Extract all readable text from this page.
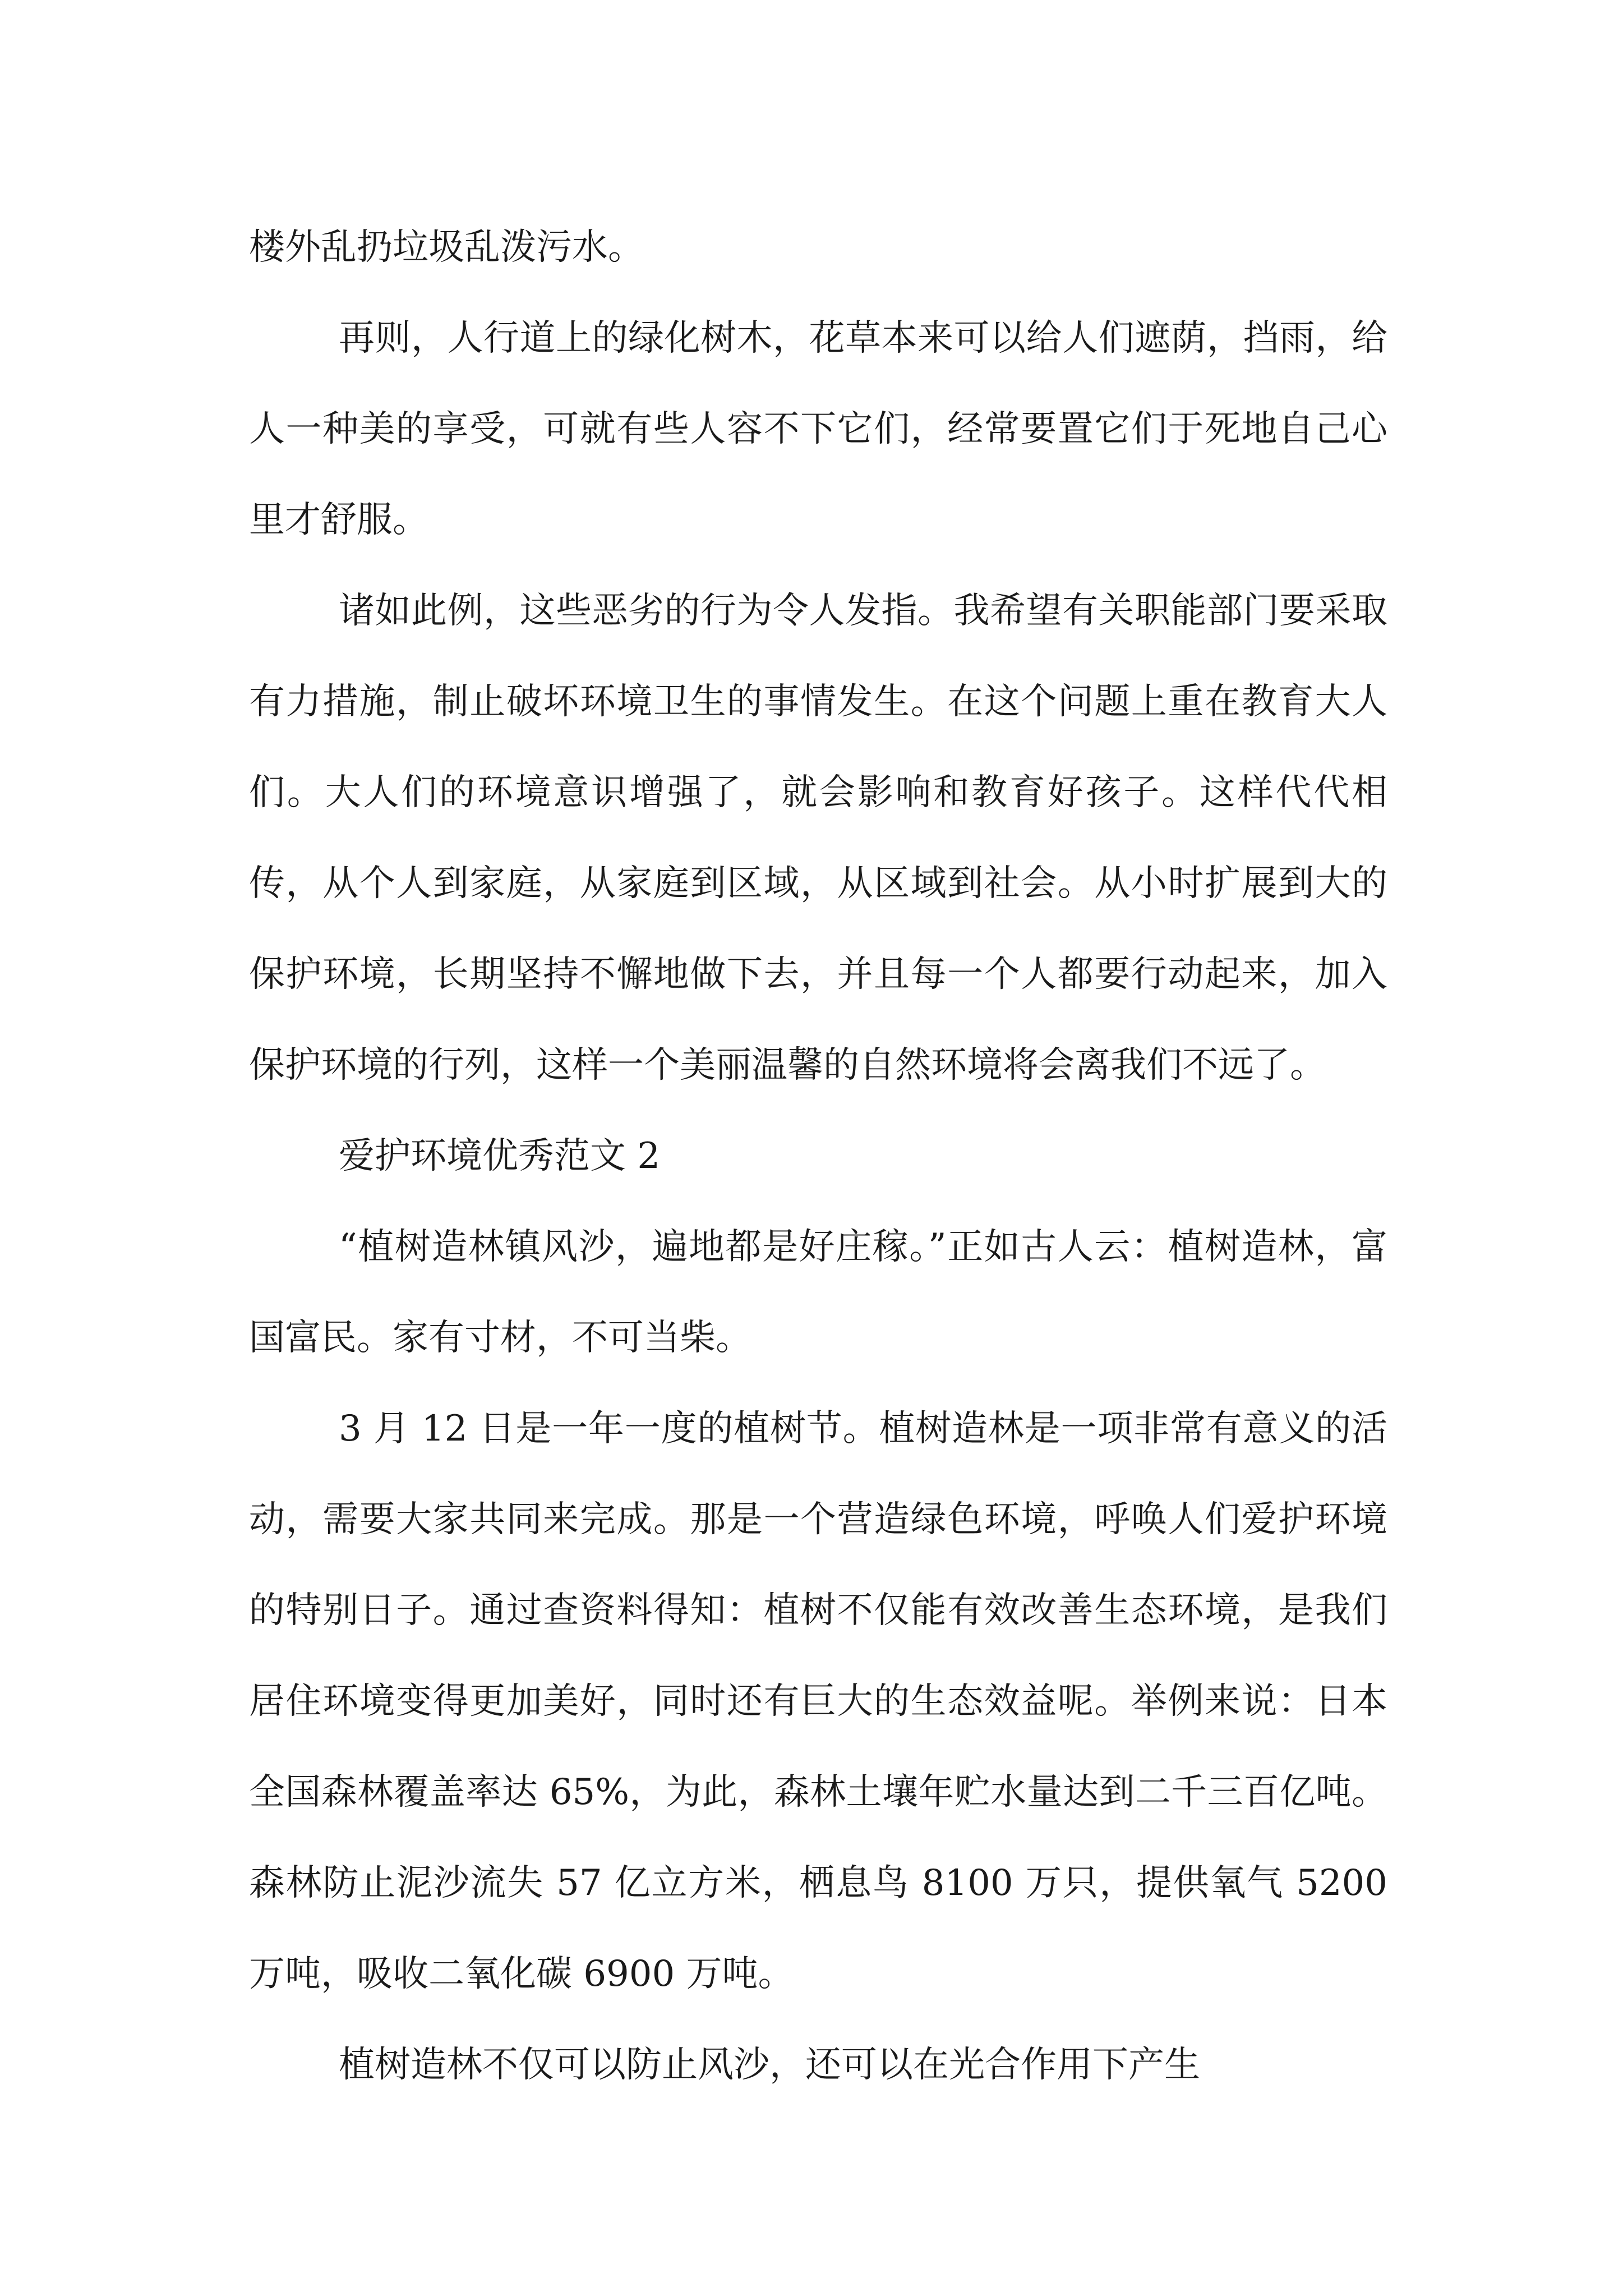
楼外乱扔垃圾乱泼污水。

再则，人行道上的绿化树木，花草本来可以给人们遮荫，挡雨，给人一种美的享受，可就有些人容不下它们，经常要置它们于死地自己心里才舒服。

诸如此例，这些恶劣的行为令人发指。我希望有关职能部门要采取有力措施，制止破坏环境卫生的事情发生。在这个问题上重在教育大人们。大人们的环境意识增强了，就会影响和教育好孩子。这样代代相传，从个人到家庭，从家庭到区域，从区域到社会。从小时扩展到大的保护环境，长期坚持不懈地做下去，并且每一个人都要行动起来，加入保护环境的行列，这样一个美丽温馨的自然环境将会离我们不远了。

爱护环境优秀范文 2

“植树造林镇风沙，遍地都是好庄稼。”正如古人云：植树造林，富国富民。家有寸材，不可当柴。

3 月 12 日是一年一度的植树节。植树造林是一项非常有意义的活动，需要大家共同来完成。那是一个营造绿色环境，呼唤人们爱护环境的特别日子。通过查资料得知：植树不仅能有效改善生态环境，是我们居住环境变得更加美好，同时还有巨大的生态效益呢。举例来说：日本全国森林覆盖率达 65%，为此，森林土壤年贮水量达到二千三百亿吨。森林防止泥沙流失 57 亿立方米，栖息鸟 8100 万只，提供氧气 5200 万吨，吸收二氧化碳 6900 万吨。

植树造林不仅可以防止风沙，还可以在光合作用下产生
